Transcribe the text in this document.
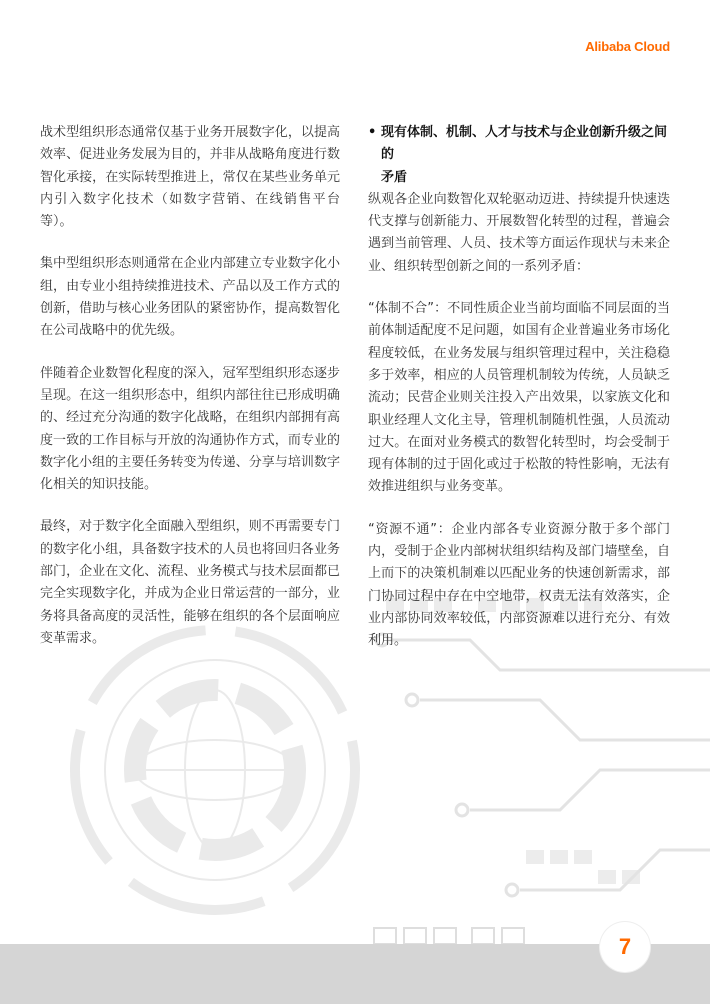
Alibaba Cloud

战术型组织形态通常仅基于业务开展数字化，以提高效率、促进业务发展为目的，并非从战略角度进行数智化承接，在实际转型推进上，常仅在某些业务单元内引入数字化技术（如数字营销、在线销售平台等）。

集中型组织形态则通常在企业内部建立专业数字化小组，由专业小组持续推进技术、产品以及工作方式的创新，借助与核心业务团队的紧密协作，提高数智化在公司战略中的优先级。

伴随着企业数智化程度的深入，冠军型组织形态逐步呈现。在这一组织形态中，组织内部往往已形成明确的、经过充分沟通的数字化战略，在组织内部拥有高度一致的工作目标与开放的沟通协作方式，而专业的数字化小组的主要任务转变为传递、分享与培训数字化相关的知识技能。

最终，对于数字化全面融入型组织，则不再需要专门的数字化小组，具备数字技术的人员也将回归各业务部门，企业在文化、流程、业务模式与技术层面都已完全实现数字化，并成为企业日常运营的一部分，业务将具备高度的灵活性，能够在组织的各个层面响应变革需求。

• 现有体制、机制、人才与技术与企业创新升级之间的
矛盾

纵观各企业向数智化双轮驱动迈进、持续提升快速迭代支撑与创新能力、开展数智化转型的过程，普遍会遇到当前管理、人员、技术等方面运作现状与未来企业、组织转型创新之间的一系列矛盾：

“体制不合”：不同性质企业当前均面临不同层面的当前体制适配度不足问题，如国有企业普遍业务市场化程度较低，在业务发展与组织管理过程中，关注稳稳多于效率，相应的人员管理机制较为传统，人员缺乏流动；民营企业则关注投入产出效果，以家族文化和职业经理人文化主导，管理机制随机性强，人员流动过大。在面对业务模式的数智化转型时，均会受制于现有体制的过于固化或过于松散的特性影响，无法有效推进组织与业务变革。

“资源不通”：企业内部各专业资源分散于多个部门内，受制于企业内部树状组织结构及部门墙壁垒，自上而下的决策机制难以匹配业务的快速创新需求，部门协同过程中存在中空地带，权责无法有效落实，企业内部协同效率较低，内部资源难以进行充分、有效利用。

7
